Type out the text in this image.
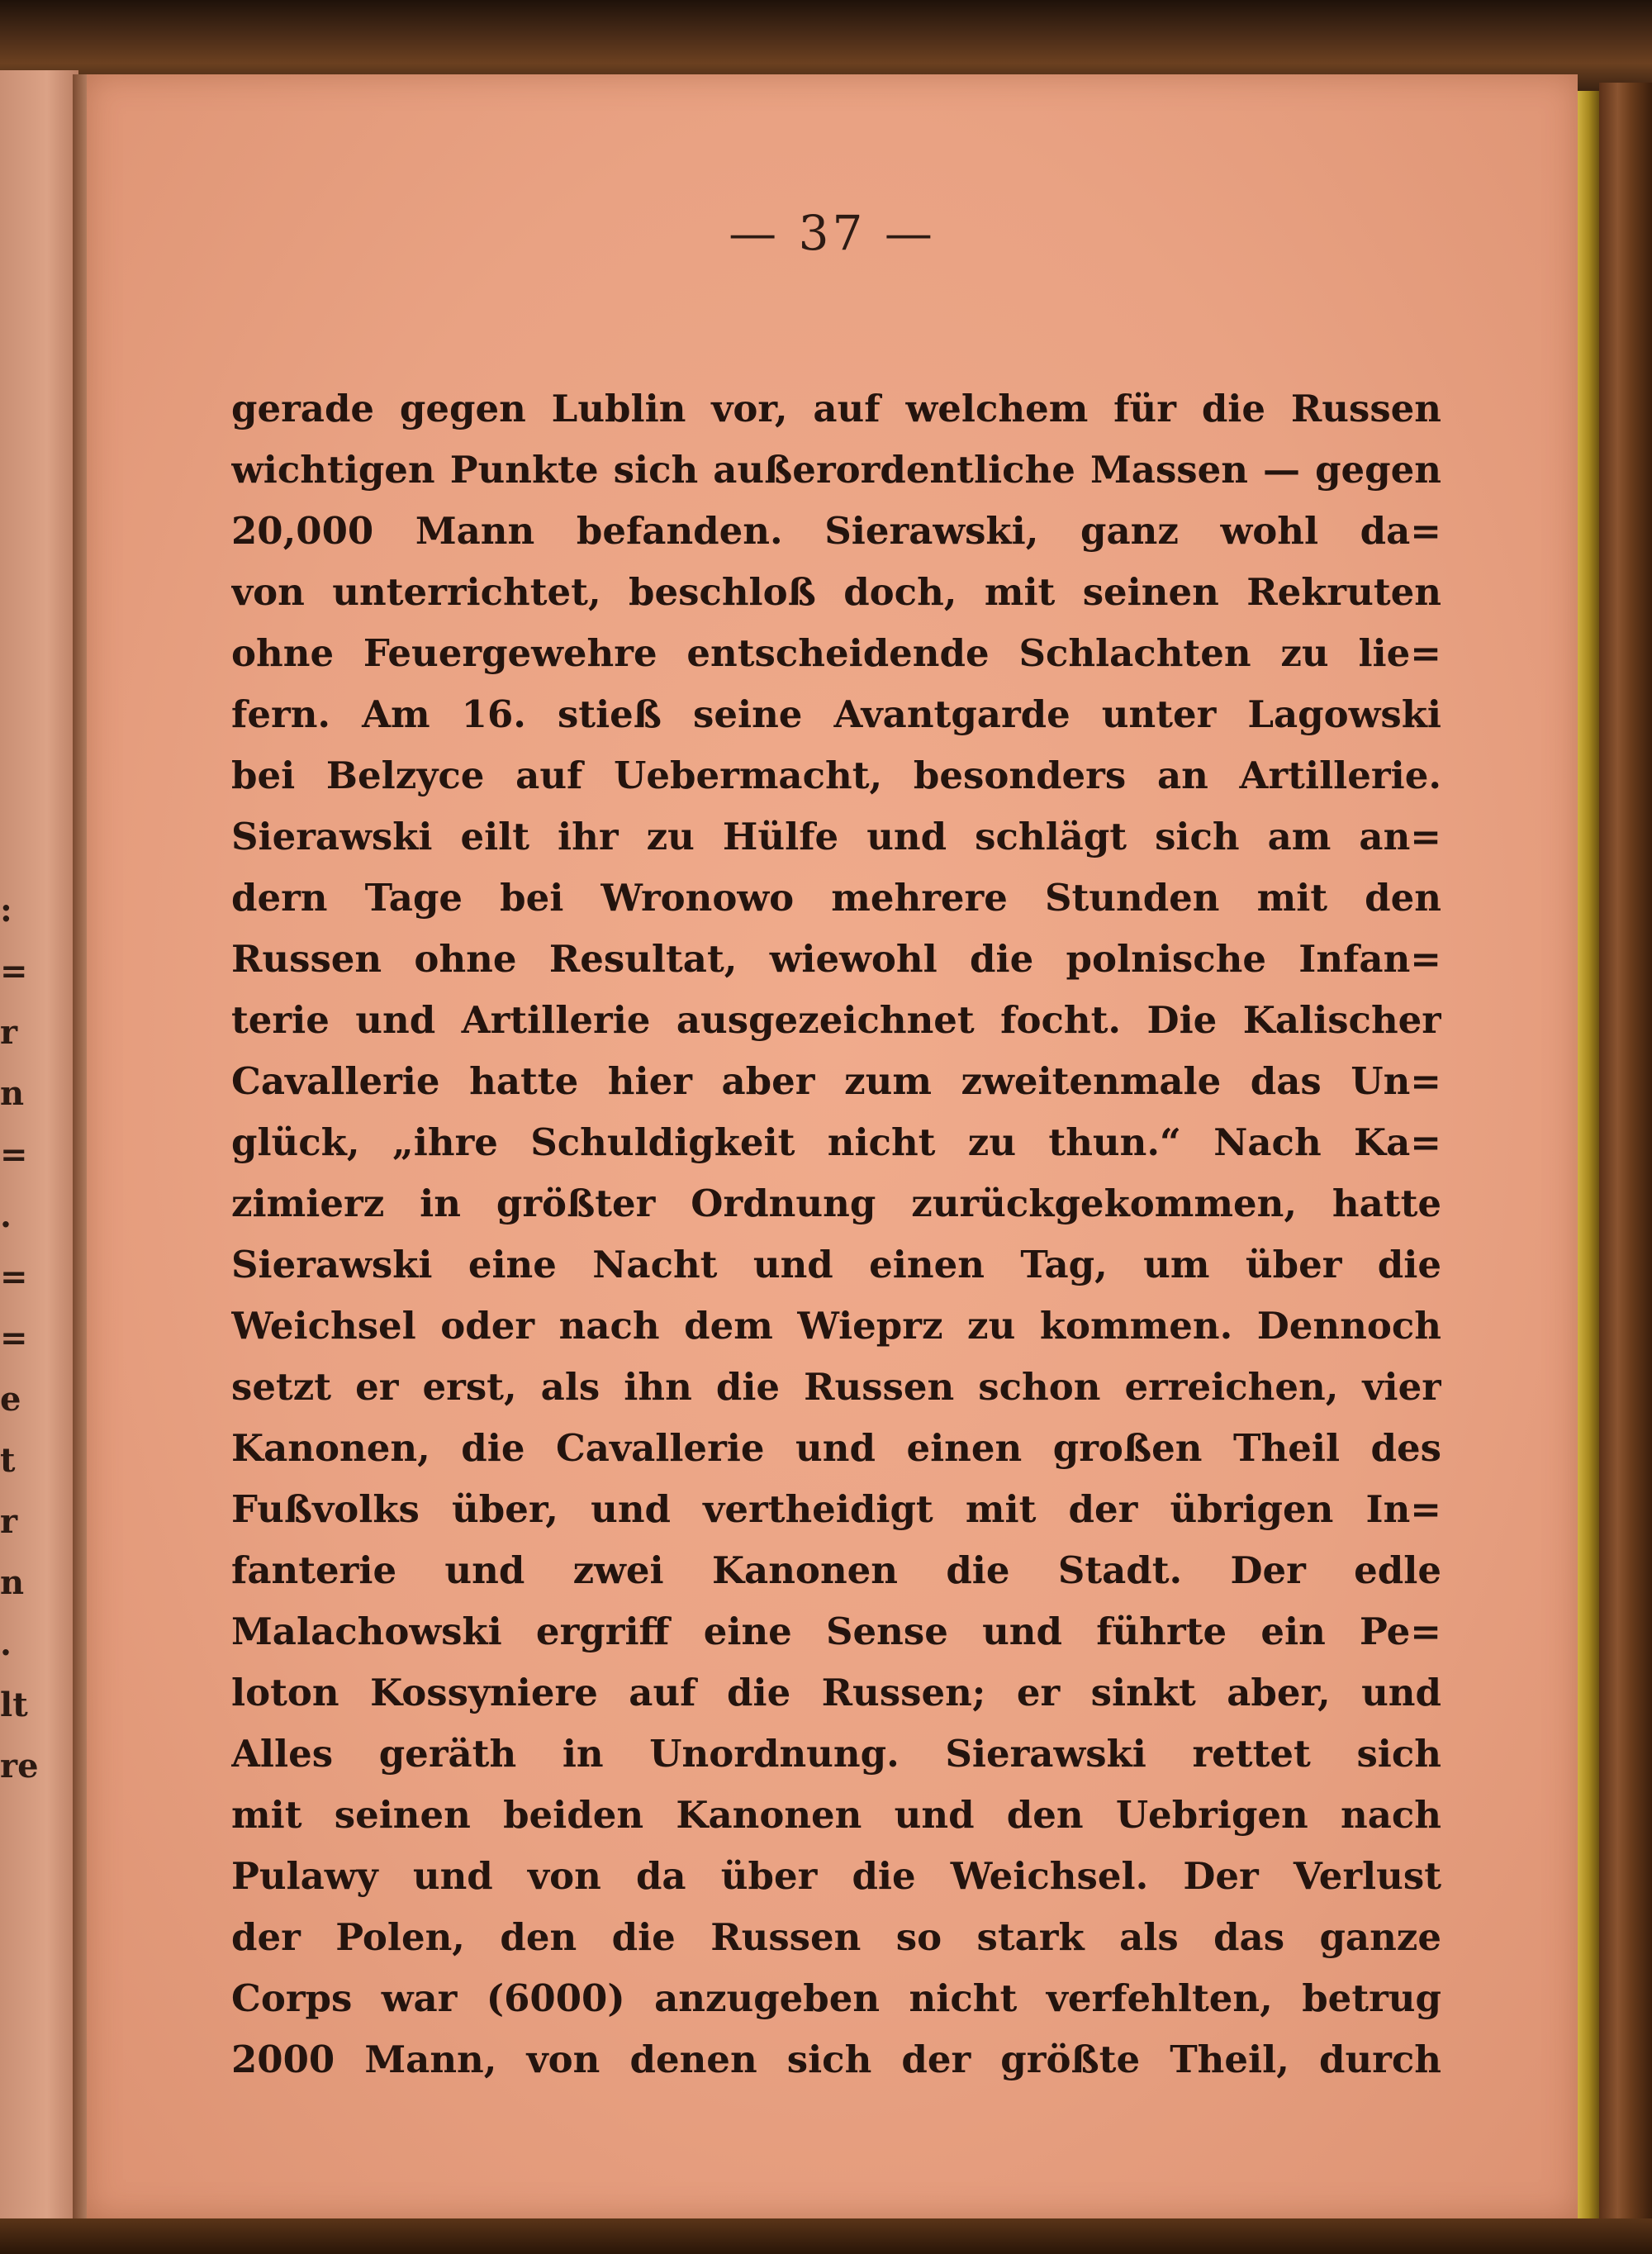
:
=
r
n
=
.
=
=
e
t
r
n
.
lt
re
— 37 —
gerade gegen Lublin vor, auf welchem für die Russen
wichtigen Punkte sich außerordentliche Massen — gegen
20,000 Mann befanden. Sierawski, ganz wohl da=
von unterrichtet, beschloß doch, mit seinen Rekruten
ohne Feuergewehre entscheidende Schlachten zu lie=
fern. Am 16. stieß seine Avantgarde unter Lagowski
bei Belzyce auf Uebermacht, besonders an Artillerie.
Sierawski eilt ihr zu Hülfe und schlägt sich am an=
dern Tage bei Wronowo mehrere Stunden mit den
Russen ohne Resultat, wiewohl die polnische Infan=
terie und Artillerie ausgezeichnet focht. Die Kalischer
Cavallerie hatte hier aber zum zweitenmale das Un=
glück, „ihre Schuldigkeit nicht zu thun.“ Nach Ka=
zimierz in größter Ordnung zurückgekommen, hatte
Sierawski eine Nacht und einen Tag, um über die
Weichsel oder nach dem Wieprz zu kommen. Dennoch
setzt er erst, als ihn die Russen schon erreichen, vier
Kanonen, die Cavallerie und einen großen Theil des
Fußvolks über, und vertheidigt mit der übrigen In=
fanterie und zwei Kanonen die Stadt. Der edle
Malachowski ergriff eine Sense und führte ein Pe=
loton Kossyniere auf die Russen; er sinkt aber, und
Alles geräth in Unordnung. Sierawski rettet sich
mit seinen beiden Kanonen und den Uebrigen nach
Pulawy und von da über die Weichsel. Der Verlust
der Polen, den die Russen so stark als das ganze
Corps war (6000) anzugeben nicht verfehlten, betrug
2000 Mann, von denen sich der größte Theil, durch
